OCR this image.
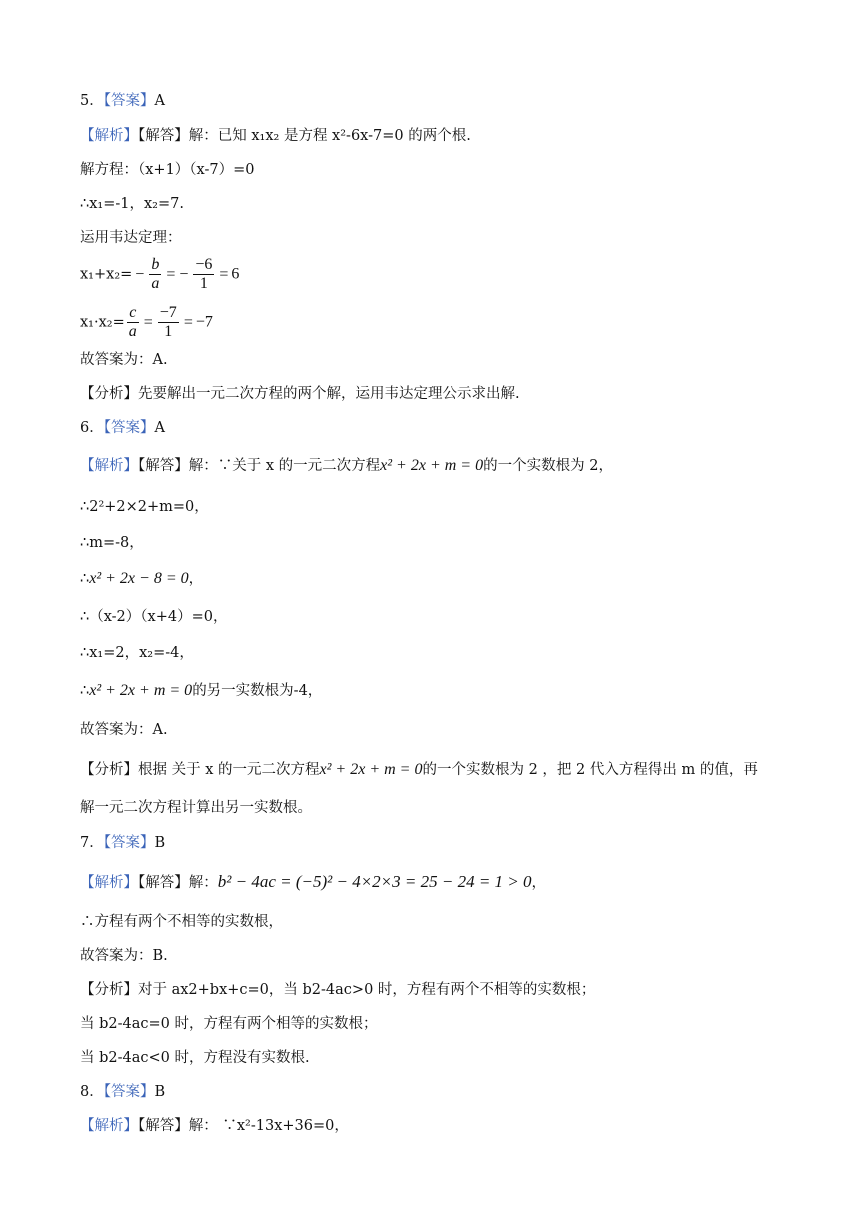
5．【答案】A
【解析】【解答】解：已知 x₁x₂ 是方程 x²-6x-7=0 的两个根.
解方程：（x+1）（x-7）=0
∴x₁=-1，x₂=7.
运用韦达定理：
$x_1+x_2= - \frac{b}{a}$ = − $\frac{-6}{1} = 6$
$x_1\cdot x_2= \frac{c}{a} = \frac{-7}{1} = -7$
故答案为：A.
【分析】先要解出一元二次方程的两个解，运用韦达定理公示求出解.
6．【答案】A
【解析】【解答】解：∵关于 x 的一元二次方程x² + 2x + m = 0的一个实数根为 2，
∴2²+2×2+m=0，
∴m=-8，
∴x² + 2x − 8 = 0，
∴（x-2）（x+4）=0，
∴x₁=2，x₂=-4，
∴x² + 2x + m = 0的另一实数根为-4，
故答案为：A.
【分析】根据 关于 x 的一元二次方程x² + 2x + m = 0的一个实数根为 2 ，把 2 代入方程得出 m 的值，再
解一元二次方程计算出另一实数根。
7．【答案】B
【解析】【解答】解：b² − 4ac = (−5)² − 4×2×3 = 25 − 24 = 1 > 0，
∴方程有两个不相等的实数根，
故答案为：B.
【分析】对于 ax2+bx+c=0，当 b2-4ac>0 时，方程有两个不相等的实数根；
当 b2-4ac=0 时，方程有两个相等的实数根；
当 b2-4ac<0 时，方程没有实数根.
8．【答案】B
【解析】【解答】解： ∵x²-13x+36=0，
